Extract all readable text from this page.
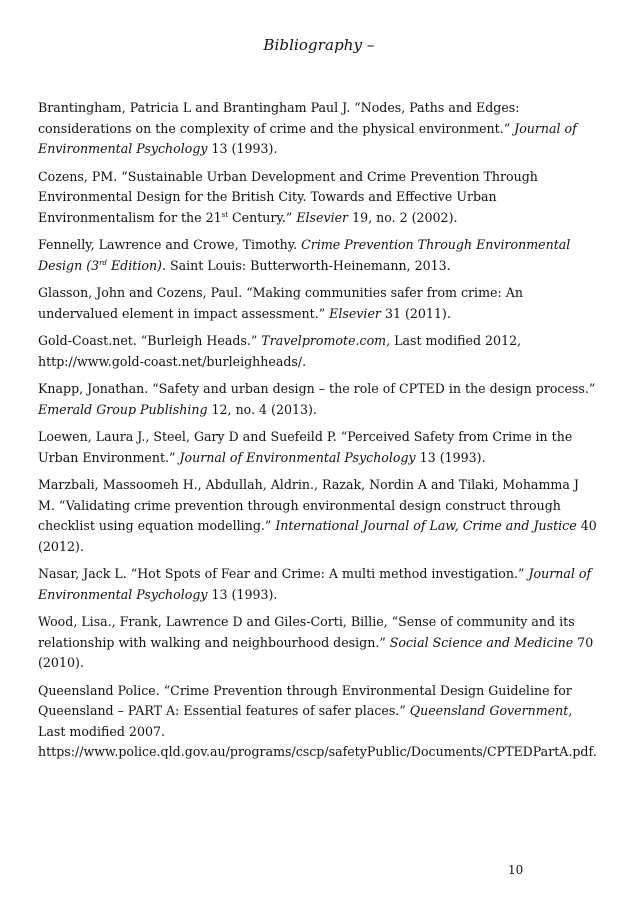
Bibliography –

Brantingham, Patricia L and Brantingham Paul J. “Nodes, Paths and Edges: considerations on the complexity of crime and the physical environment.” Journal of Environmental Psychology 13 (1993).

Cozens, PM. “Sustainable Urban Development and Crime Prevention Through Environmental Design for the British City. Towards and Effective Urban Environmentalism for the 21st Century.” Elsevier 19, no. 2 (2002).

Fennelly, Lawrence and Crowe, Timothy. Crime Prevention Through Environmental Design (3rd Edition). Saint Louis: Butterworth-Heinemann, 2013.

Glasson, John and Cozens, Paul. “Making communities safer from crime: An undervalued element in impact assessment.” Elsevier 31 (2011).

Gold-Coast.net. “Burleigh Heads.” Travelpromote.com, Last modified 2012, http://www.gold-coast.net/burleighheads/.

Knapp, Jonathan. “Safety and urban design – the role of CPTED in the design process.” Emerald Group Publishing 12, no. 4 (2013).

Loewen, Laura J., Steel, Gary D and Suefeild P. “Perceived Safety from Crime in the Urban Environment.” Journal of Environmental Psychology 13 (1993).

Marzbali, Massoomeh H., Abdullah, Aldrin., Razak, Nordin A and Tilaki, Mohamma J M. “Validating crime prevention through environmental design construct through checklist using equation modelling.” International Journal of Law, Crime and Justice 40 (2012).

Nasar, Jack L. “Hot Spots of Fear and Crime: A multi method investigation.” Journal of Environmental Psychology 13 (1993).

Wood, Lisa., Frank, Lawrence D and Giles-Corti, Billie, “Sense of community and its relationship with walking and neighbourhood design.” Social Science and Medicine 70 (2010).

Queensland Police. “Crime Prevention through Environmental Design Guideline for Queensland – PART A: Essential features of safer places.” Queensland Government, Last modified 2007. https://www.police.qld.gov.au/programs/cscp/safetyPublic/Documents/CPTEDPartA.pdf.

10
